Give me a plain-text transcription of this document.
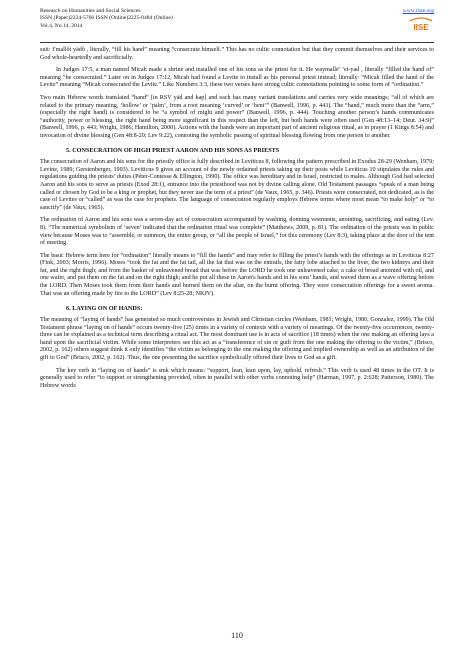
Research on Humanities and Social Sciences
ISSN (Paper)2224-5766 ISSN (Online)2225-0484 (Online)
Vol.4, No.14, 2014
www.iiste.org
IISE

suit: fʹmallôt yādô , literally, “fill his hand” meaning “consecrate himself.” This has no cultic connotation but that they commit themselves and their services to God whole-heartedly and sacrificially.

In Judges 17:5, a man named Micah made a shrine and installed one of his sons as the priest for it. He waymallēʹ ʼet-yad , literally “filled the hand of” meaning “he consecrated.” Later on in Judges 17:12, Micah had found a Levite to install as his personal priest instead; literally: “Micah filled the hand of the Levite” meaning “Micah consecrated the Levite.” Like Numbers 3:3, these two verses have strong cultic connotations pointing to some form of “ordination.”

Two main Hebrew words translated “hand” [in RSV yād and kap] and each has many variant translations and carries very wide meanings; “all of which are related to the primary meaning, ‘hollow’ or ‘palm’, from a root meaning ‘curved’ or ‘bent’” (Banwell, 1996, p. 443). The “hand,” much more than the “arm,” (especially the right hand) is considered to be “a symbol of might and power” (Banwell, 1996, p. 444). Touching another person’s hands communicates “authority, power or blessing, the right hand being more significant in this respect than the left, but both hands were often used (Gen 48:13–14; Deut. 34:9)” (Banwell, 1996, p. 443; Wright, 1986; Hamilton, 2000). Actions with the hands were an important part of ancient religious ritual, as in prayer (1 Kings 8:54) and invocation of divine blessing (Gen 48:8-20; Lev 9:22), connoting the symbolic passing of spiritual blessing flowing from one person to another.

5. CONSECRATION OF HIGH PRIEST AARON AND HIS SONS AS PRIESTS

The consecration of Aaron and his sons for the priestly office is fully described in Leviticus 8, following the pattern prescribed in Exodus 28-29 (Wenham, 1979; Levine, 1989; Gerstenberger, 1993). Leviticus 9 gives an account of the newly ordained priests taking up their posts while Leviticus 10 stipulates the rules and regulations guiding the priests’ duties (Péter-Contesse & Ellington, 1990). The office was hereditary and in Israel, restricted to males. Although God had selected Aaron and his sons to serve as priests (Exod 28:1), entrance into the priesthood was not by divine calling alone. Old Testament passages “speak of a man being called or chosen by God to be a king or prophet, but they never use the term of a priest” (de Vaux, 1965, p. 346). Priests were consecrated, not dedicated, as is the case of Levites or “called” as was the case for prophets. The language of consecration regularly employs Hebrew terms where most mean “to make holy” or “to sanctify” (de Vaux, 1965).

The ordination of Aaron and his sons was a seven-day act of consecration accompanied by washing, donning vestments, anointing, sacrificing, and eating (Lev. 8). “The numerical symbolism of ‘seven’ indicated that the ordination ritual was complete” (Matthews, 2009, p. 81). The ordination of the priests was in public view because Moses was to “assemble, or summon, the entire group, or “all the people of Israel,” for this ceremony (Lev 8:3), taking place at the door of the tent of meeting.

The basic Hebrew term here for “ordination” literally means to “fill the hands” and may refer to filling the priest’s hands with the offerings as in Leviticus 8:27 (Fink, 2003; Morris, 1996). Moses “took the fat and the fat tail, all the fat that was on the entrails, the fatty lobe attached to the liver, the two kidneys and their fat, and the right thigh; and from the basket of unleavened bread that was before the LORD he took one unleavened cake, a cake of bread anointed with oil, and one wafer, and put them on the fat and on the right thigh; and he put all these in Aaron's hands and in his sons’ hands, and waved them as a wave offering before the LORD. Then Moses took them from their hands and burned them on the altar, on the burnt offering. They were consecration offerings for a sweet aroma. That was an offering made by fire to the LORD” (Lev 8:25-28; NKJV).

6. LAYING ON OF HANDS:

The meaning of “laying of hands” has generated so much controversies in Jewish and Christian circles (Wenham, 1981; Wright, 1986; Gonzalez, 1999). The Old Testament phrase “laying on of hands” occurs twenty-five (25) times in a variety of contexts with a variety of meanings. Of the twenty-five occurrences, twenty-three can be explained as a technical term describing a ritual act. The most dominant use is in acts of sacrifice (18 times) when the one making an offering lays a hand upon the sacrificial victim. While some interpreters see this act as a “transference of sin or guilt from the one making the offering to the victim,” (Brisco, 2002, p. 162) others suggest think it only identifies “the victim as belonging to the one making the offering and implied ownership as well as an attribution of the gift to God” (Brisco, 2002, p. 162). Thus, the one presenting the sacrifice symbolically offered their lives to God as a gift.

The key verb in “laying on of hands” is smk which means: “support, lean, lean upon, lay, uphold, refresh.” This verb is used 48 times in the OT. It is generally used to refer “to support or strengthening provided, often in parallel with other verbs connoting help” (Harman, 1997, p. 2:628; Patterson, 1980). The Hebrew words

110
